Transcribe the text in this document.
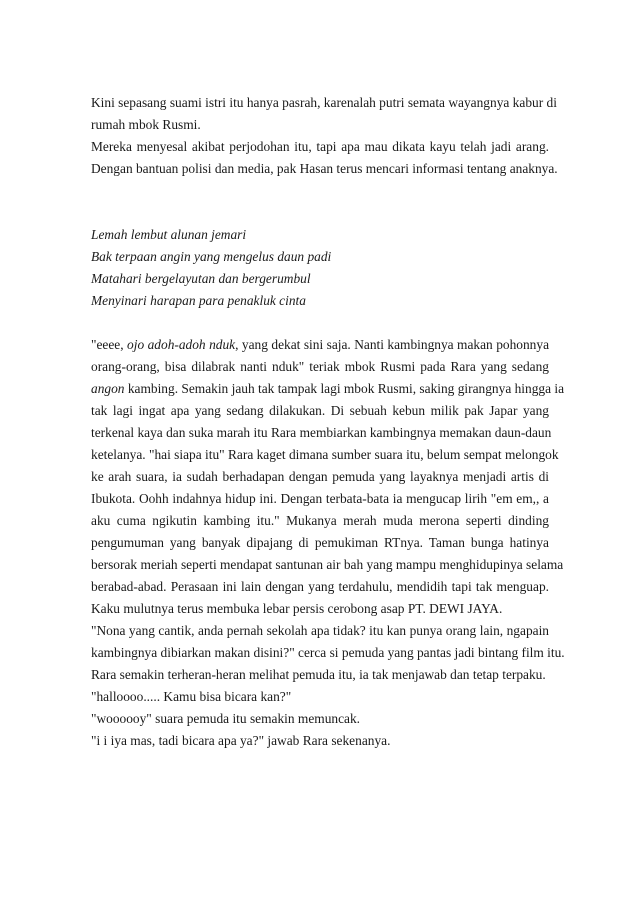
Kini sepasang suami istri itu hanya pasrah, karenalah putri semata wayangnya kabur di
rumah mbok Rusmi.
Mereka menyesal akibat perjodohan itu, tapi apa mau dikata kayu telah jadi arang.
Dengan bantuan polisi dan media, pak Hasan terus mencari informasi tentang anaknya.
Lemah lembut alunan jemari
Bak terpaan angin yang mengelus daun padi
Matahari bergelayutan dan bergerumbul
Menyinari harapan para penakluk cinta
"eeee, ojo adoh-adoh nduk, yang dekat sini saja. Nanti kambingnya makan pohonnya
orang-orang, bisa dilabrak nanti nduk" teriak mbok Rusmi pada Rara yang sedang
angon kambing. Semakin jauh tak tampak lagi mbok Rusmi, saking girangnya hingga ia
tak lagi ingat apa yang sedang dilakukan. Di sebuah kebun milik pak Japar yang
terkenal kaya dan suka marah itu Rara membiarkan kambingnya memakan daun-daun
ketelanya. "hai siapa itu" Rara kaget dimana sumber suara itu, belum sempat melongok
ke arah suara, ia sudah berhadapan dengan pemuda yang layaknya menjadi artis di
Ibukota. Oohh indahnya hidup ini. Dengan terbata-bata ia mengucap lirih "em em,, a
aku cuma ngikutin kambing itu." Mukanya merah muda merona seperti dinding
pengumuman yang banyak dipajang di pemukiman RTnya. Taman bunga hatinya
bersorak meriah seperti mendapat santunan air bah yang mampu menghidupinya selama
berabad-abad. Perasaan ini lain dengan yang terdahulu, mendidih tapi tak menguap.
Kaku mulutnya terus membuka lebar persis cerobong asap PT. DEWI JAYA.
"Nona yang cantik, anda pernah sekolah apa tidak? itu kan punya orang lain, ngapain
kambingnya dibiarkan makan disini?" cerca si pemuda yang pantas jadi bintang film itu.
Rara semakin terheran-heran melihat pemuda itu, ia tak menjawab dan tetap terpaku.
"halloooo..... Kamu bisa bicara kan?"
"woooooy" suara pemuda itu semakin memuncak.
"i i iya mas, tadi bicara apa ya?" jawab Rara sekenanya.
